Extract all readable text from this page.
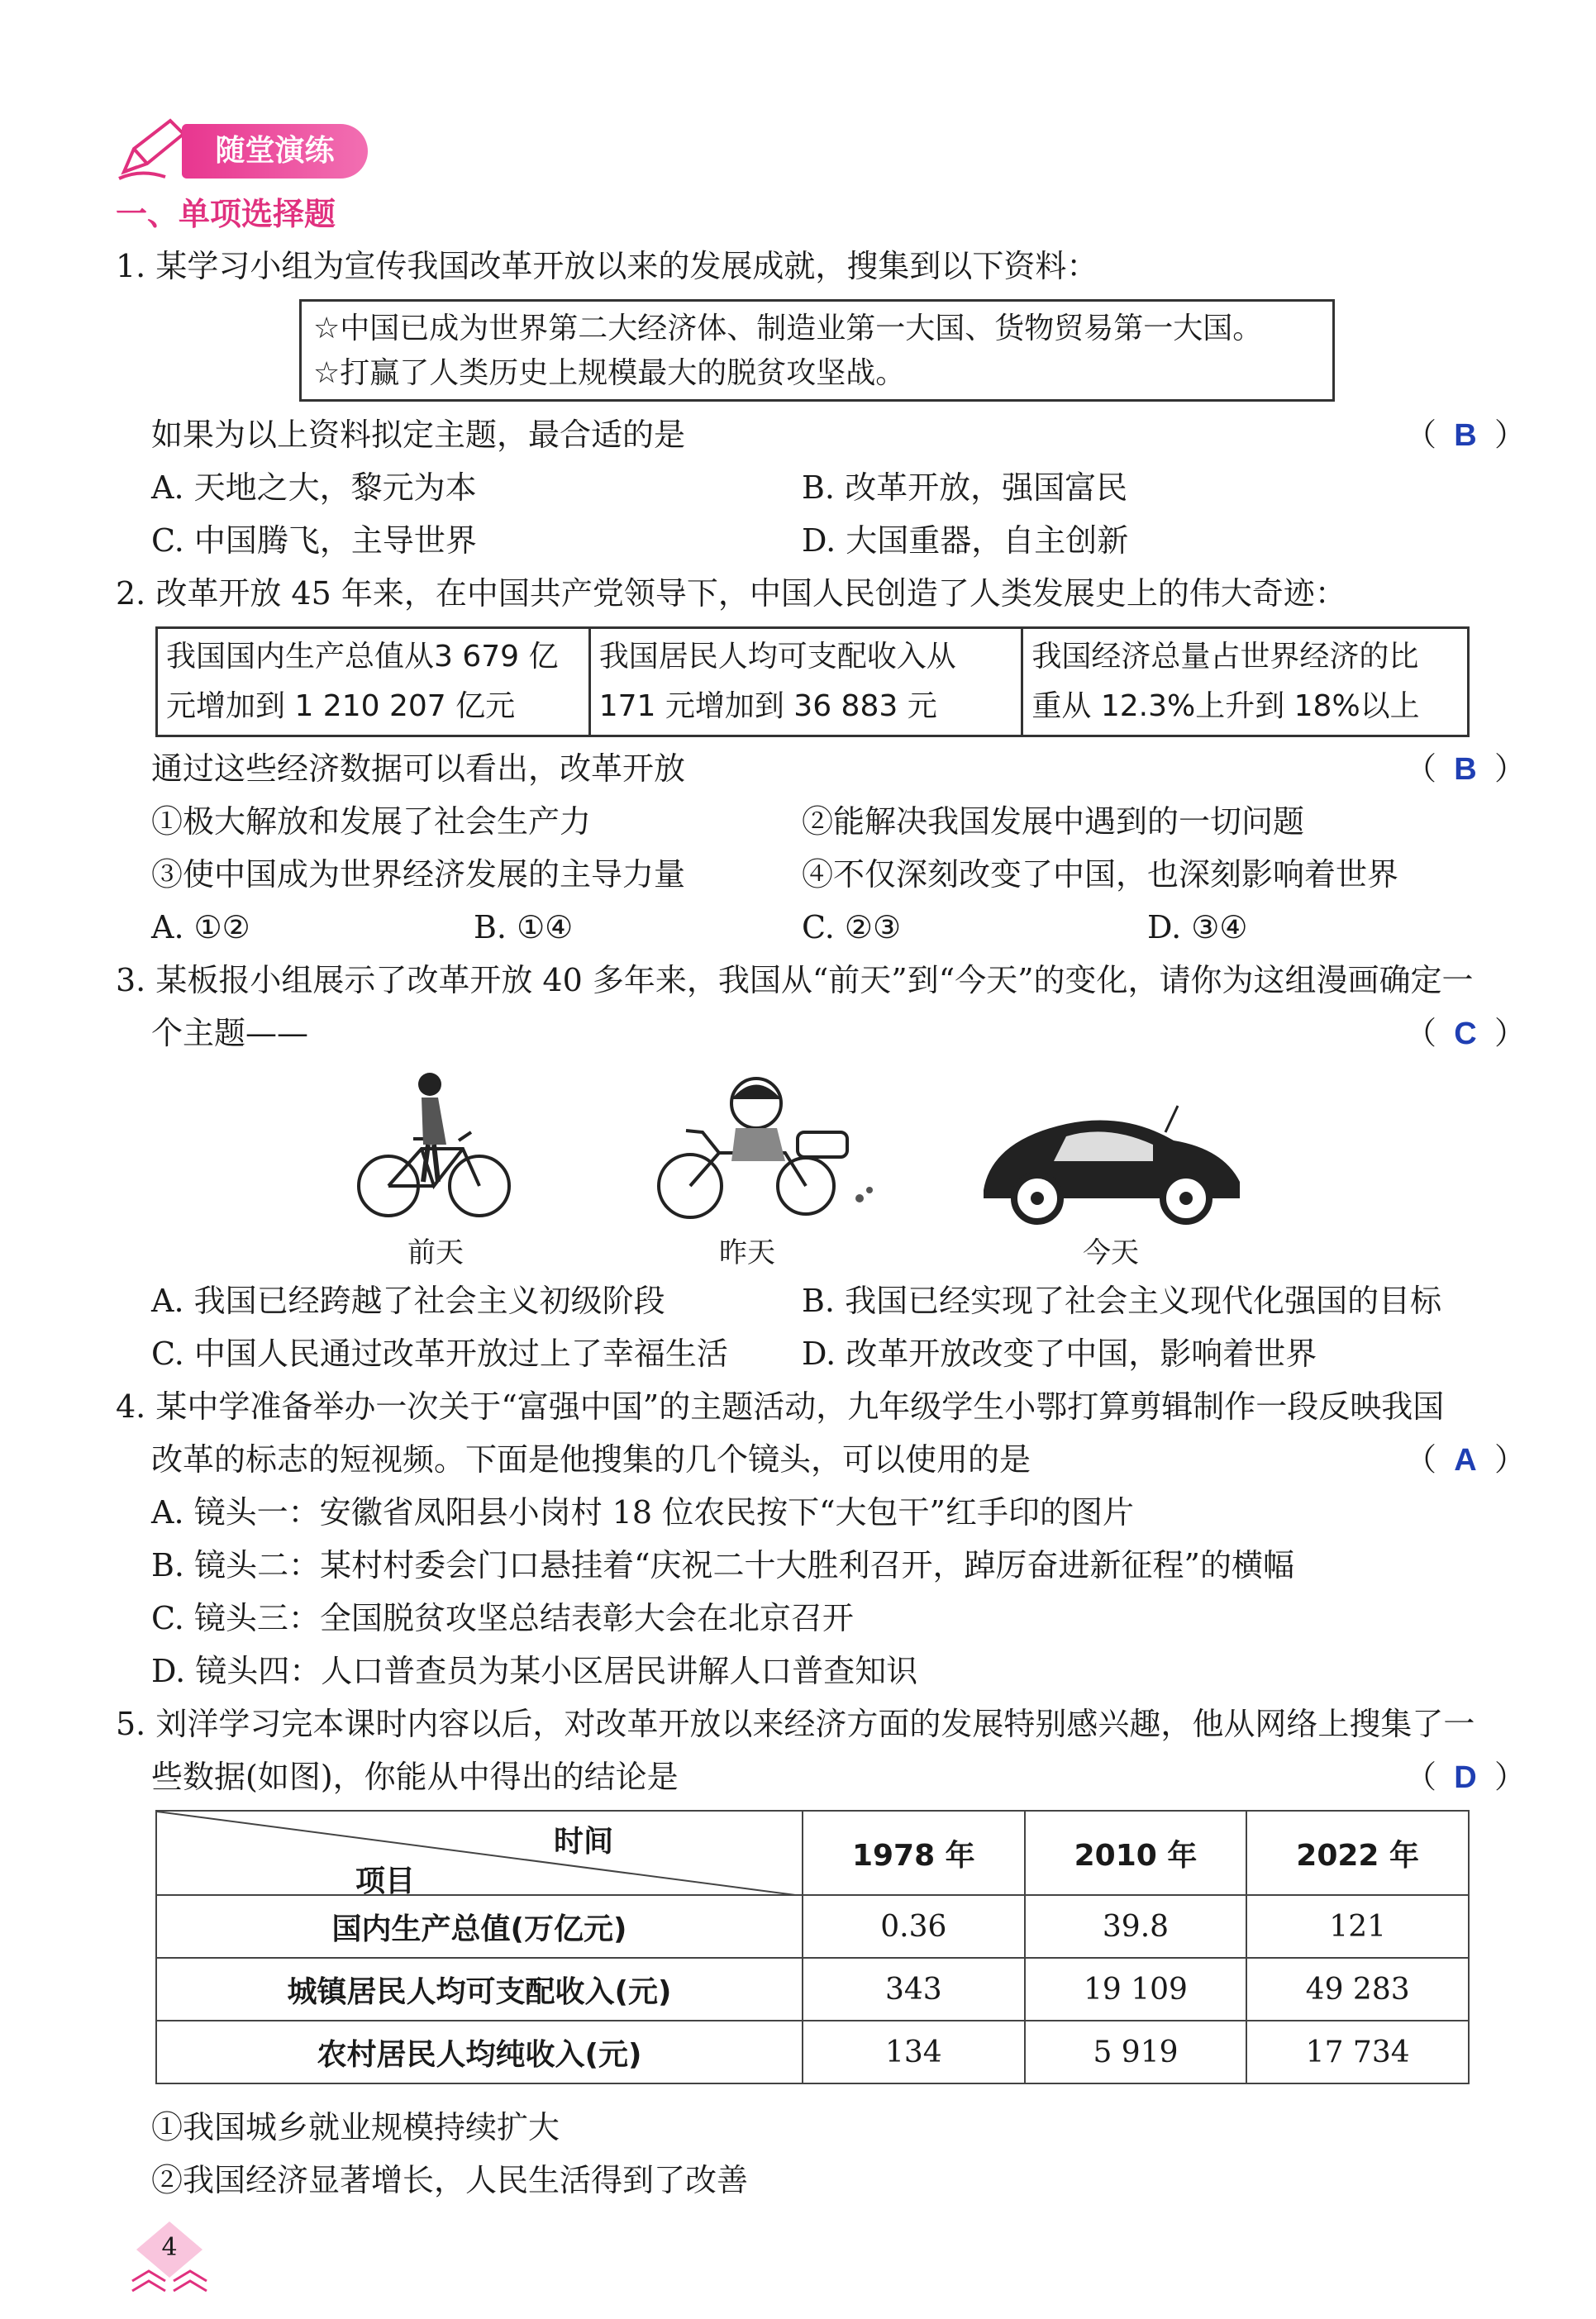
随堂演练
一、单项选择题
1. 某学习小组为宣传我国改革开放以来的发展成就，搜集到以下资料：
☆中国已成为世界第二大经济体、制造业第一大国、货物贸易第一大国。
☆打赢了人类历史上规模最大的脱贫攻坚战。
如果为以上资料拟定主题，最合适的是	（ B ）
A. 天地之大，黎元为本	B. 改革开放，强国富民
C. 中国腾飞，主导世界	D. 大国重器，自主创新
2. 改革开放 45 年来，在中国共产党领导下，中国人民创造了人类发展史上的伟大奇迹：
我国国内生产总值从3 679 亿
元增加到 1 210 207 亿元

我国居民人均可支配收入从
171 元增加到 36 883 元

我国经济总量占世界经济的比
重从 12.3%上升到 18%以上
通过这些经济数据可以看出，改革开放	（ B ）
①极大解放和发展了社会生产力	②能解决我国发展中遇到的一切问题
③使中国成为世界经济发展的主导力量	④不仅深刻改变了中国，也深刻影响着世界
A. ①②	B. ①④	C. ②③	D. ③④
3. 某板报小组展示了改革开放 40 多年来，我国从“前天”到“今天”的变化，请你为这组漫画确定一
个主题——	（ C ）
前天	昨天	今天
A. 我国已经跨越了社会主义初级阶段	B. 我国已经实现了社会主义现代化强国的目标
C. 中国人民通过改革开放过上了幸福生活 D. 改革开放改变了中国，影响着世界
4. 某中学准备举办一次关于“富强中国”的主题活动，九年级学生小鄂打算剪辑制作一段反映我国
改革的标志的短视频。下面是他搜集的几个镜头，可以使用的是	（ A ）
A. 镜头一：安徽省凤阳县小岗村 18 位农民按下“大包干”红手印的图片
B. 镜头二：某村村委会门口悬挂着“庆祝二十大胜利召开，踔厉奋进新征程”的横幅
C. 镜头三：全国脱贫攻坚总结表彰大会在北京召开
D. 镜头四：人口普查员为某小区居民讲解人口普查知识
5. 刘洋学习完本课时内容以后，对改革开放以来经济方面的发展特别感兴趣，他从网络上搜集了一
些数据(如图)，你能从中得出的结论是	（ D ）
时间
项目	1978 年	2010 年	2022 年
国内生产总值(万亿元)	0.36	39.8	121
城镇居民人均可支配收入(元)	343	19 109	49 283
农村居民人均纯收入(元)	134	5 919	17 734
①我国城乡就业规模持续扩大
②我国经济显著增长，人民生活得到了改善
4
